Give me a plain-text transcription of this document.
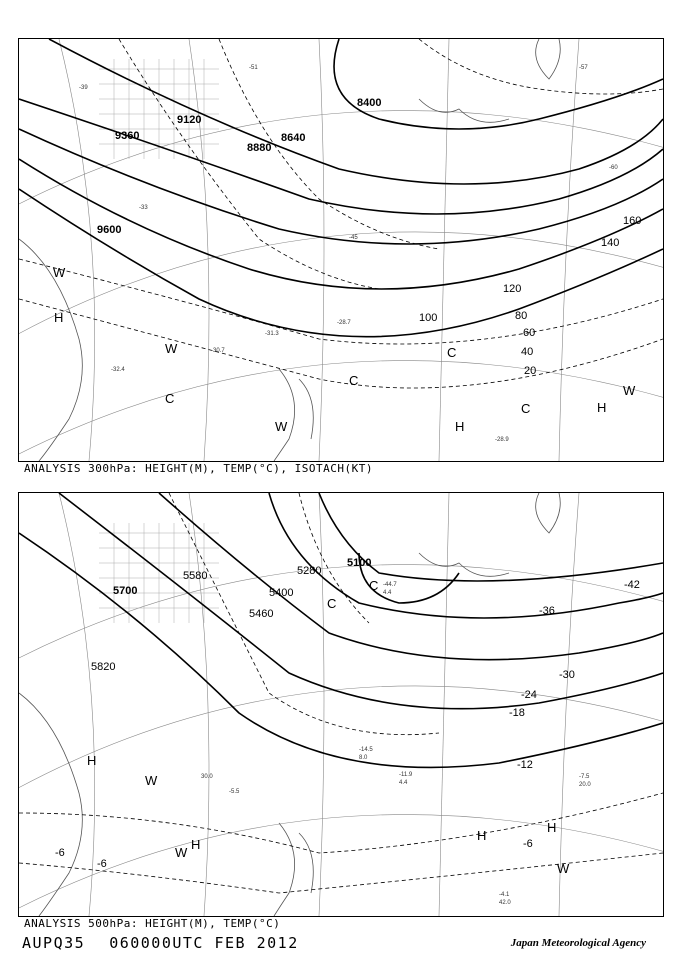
8400
8640
8880
9120
9360
9600
20
40
60
80
100
120
140
160
-33
-39
-45
-51	-57
-60
-28.9
-32.4
-30.7
-31.3
-28.7
H
H
H
C
C
C
C
W
W
W
W
ANALYSIS 300hPa: HEIGHT(M), TEMP(°C), ISOTACH(KT)
5100
5280
5400
5460
5580
5700
5820
-42
-36
-30
-24
-18
-12
-6
-6
-6
-4.1
42.0
-5.5
30.0	-7.5
20.0
-11.9
4.4
-14.5
8.0
-44.7
4.4
H
H
H
H
W
W
W
C
C
ANALYSIS 500hPa: HEIGHT(M), TEMP(°C)
AUPQ35 060000UTC FEB 2012	Japan Meteorological Agency
